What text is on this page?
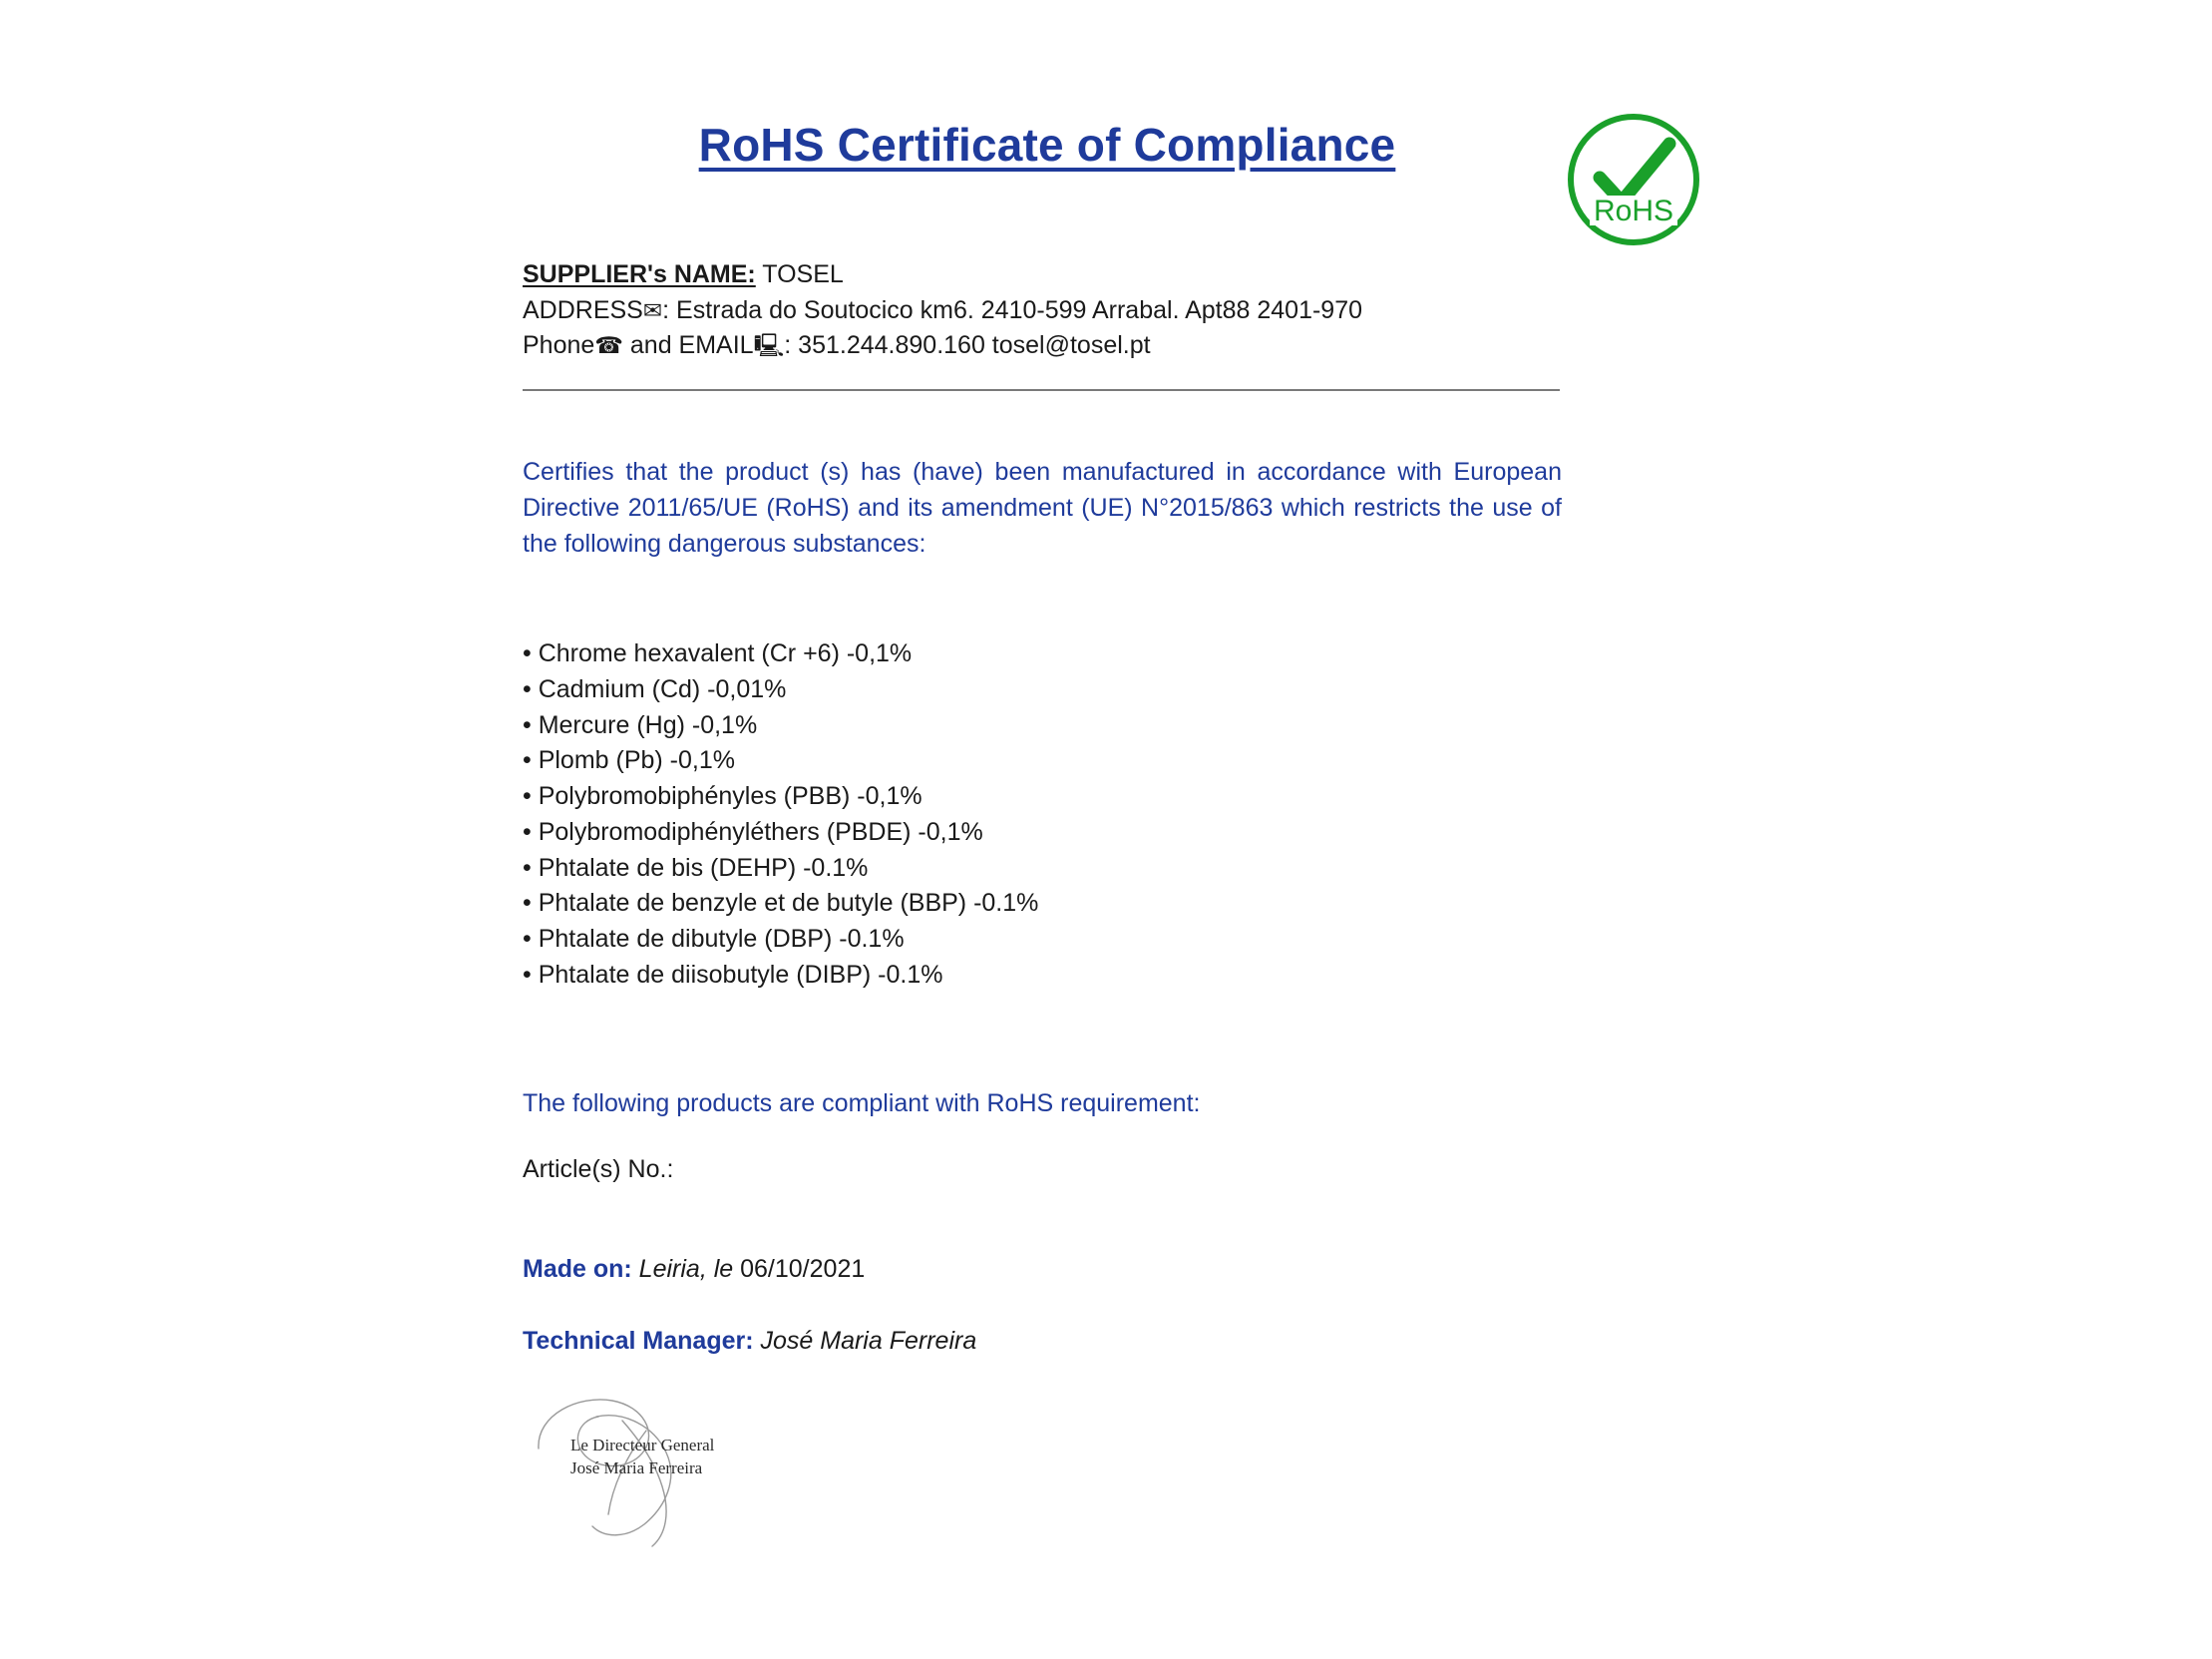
RoHS Certificate of Compliance
RoHS
SUPPLIER's NAME: TOSEL
ADDRESS✉: Estrada do Soutocico km6. 2410-599 Arrabal. Apt88 2401-970
Phone☎ and EMAIL🖳: 351.244.890.160 tosel@tosel.pt
Certifies that the product (s) has (have) been manufactured in accordance with European Directive 2011/65/UE (RoHS) and its amendment (UE) N°2015/863 which restricts the use of the following dangerous substances:
• Chrome hexavalent (Cr +6) -0,1%
• Cadmium (Cd) -0,01%
• Mercure (Hg) -0,1%
• Plomb (Pb) -0,1%
• Polybromobiphényles (PBB) -0,1%
• Polybromodiphényléthers (PBDE) -0,1%
• Phtalate de bis (DEHP) -0.1%
• Phtalate de benzyle et de butyle (BBP) -0.1%
• Phtalate de dibutyle (DBP) -0.1%
• Phtalate de diisobutyle (DIBP) -0.1%
The following products are compliant with RoHS requirement:
Article(s) No.:
Made on: Leiria, le 06/10/2021
Technical Manager: José Maria Ferreira
Le Directeur General
José Maria Ferreira
